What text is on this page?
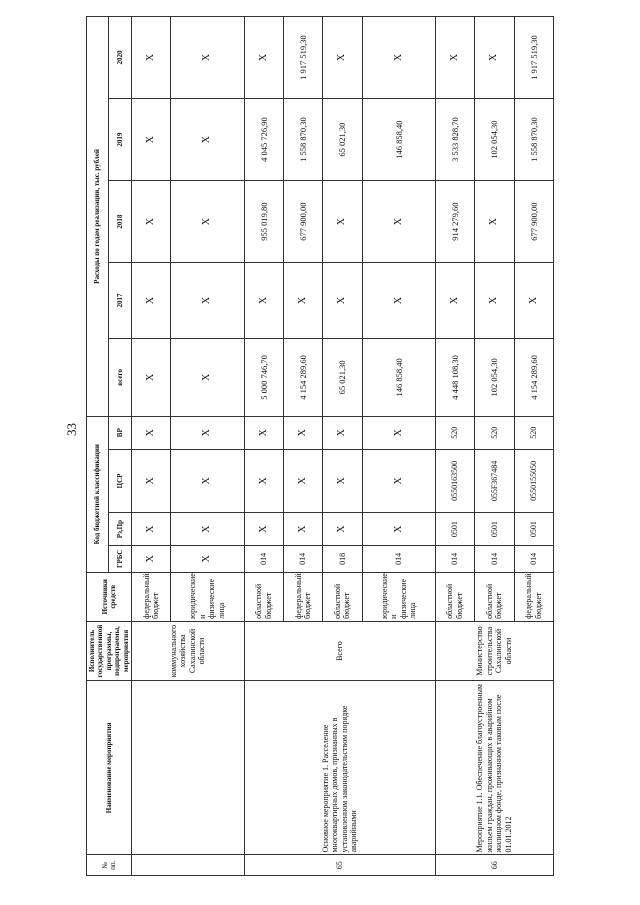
33
№ пп.	Наименование мероприятия	Исполнитель государственной программы, подпрограммы, мероприятия	Источники средств	Код бюджетной классификации				Расходы по годам реализации, тыс. рублей				
				ГРБС	Рз,Пр	ЦСР	ВР	всего	2017	2018	2019	2020

		коммунального хозяйства Сахалинской области	федеральный бюджет	X	X	X	X	X	X	X	X	X
			юридические и физические лица	X	X	X	X	X	X	X	X	X
65	Основное мероприятие 1. Расселение многоквартирных домов, признанных в установленном законодательством порядке аварийными	Всего	областной бюджет	014	X	X	X	5 000 746,70	X	955 019,80	4 045 726,90	X
			федеральный бюджет	014	X	X	X	4 154 289,60	X	677 900,00	1 558 870,30	1 917 519,30
			областной бюджет	018	X	X	X	65 021,30	X	X	65 021,30	X
			юридические и физические лица	014	X	X	X	146 858,40	X	X	146 858,40	X
66	Мероприятие 1.1. Обеспечение благоустроенным жильем граждан, проживающих в аварийном жилищном фонде, признанном таковым после 01.01.2012	Министерство строительства Сахалинской области	областной бюджет	014	0501	0550163500	520	4 448 108,30	X	914 279,60	3 533 828,70	X
			областной бюджет	014	0501	055F367484	520	102 054,30	X	X	102 054,30	X
			федеральный бюджет	014	0501	0550155050	520	4 154 289,60	X	677 900,00	1 558 870,30	1 917 519,30
